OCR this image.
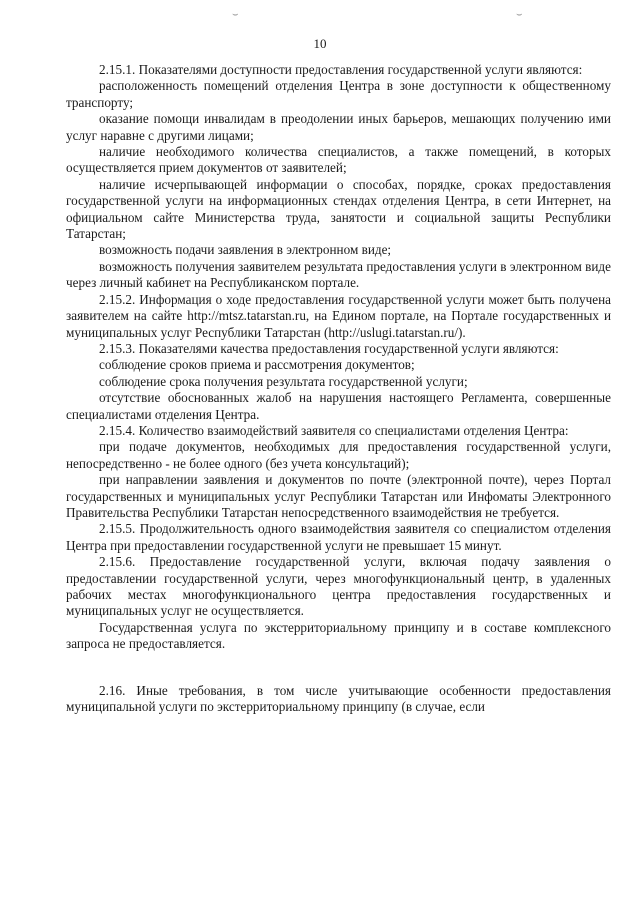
⌣	⌣
10

2.15.1. Показателями доступности предоставления государственной услуги являются:

расположенность помещений отделения Центра в зоне доступности к общественному транспорту;

оказание помощи инвалидам в преодолении иных барьеров, мешающих получению ими услуг наравне с другими лицами;

наличие необходимого количества специалистов, а также помещений, в которых осуществляется прием документов от заявителей;

наличие исчерпывающей информации о способах, порядке, сроках предоставления государственной услуги на информационных стендах отделения Центра, в сети Интернет, на официальном сайте Министерства труда, занятости и социальной защиты Республики Татарстан;

возможность подачи заявления в электронном виде;

возможность получения заявителем результата предоставления услуги в электронном виде через личный кабинет на Республиканском портале.

2.15.2. Информация о ходе предоставления государственной услуги может быть получена заявителем на сайте http://mtsz.tatarstan.ru, на Едином портале, на Портале государственных и муниципальных услуг Республики Татарстан (http://uslugi.tatarstan.ru/).

2.15.3. Показателями качества предоставления государственной услуги являются:

соблюдение сроков приема и рассмотрения документов;

соблюдение срока получения результата государственной услуги;

отсутствие обоснованных жалоб на нарушения настоящего Регламента, совершенные специалистами отделения Центра.

2.15.4. Количество взаимодействий заявителя со специалистами отделения Центра:

при подаче документов, необходимых для предоставления государственной услуги, непосредственно - не более одного (без учета консультаций);

при направлении заявления и документов по почте (электронной почте), через Портал государственных и муниципальных услуг Республики Татарстан или Инфоматы Электронного Правительства Республики Татарстан непосредственного взаимодействия не требуется.

2.15.5. Продолжительность одного взаимодействия заявителя со специалистом отделения Центра при предоставлении государственной услуги не превышает 15 минут.

2.15.6. Предоставление государственной услуги, включая подачу заявления о предоставлении государственной услуги, через многофункциональный центр, в удаленных рабочих местах многофункционального центра предоставления государственных и муниципальных услуг не осуществляется.

Государственная услуга по экстерриториальному принципу и в составе комплексного запроса не предоставляется.

2.16. Иные требования, в том числе учитывающие особенности предоставления муниципальной услуги по экстерриториальному принципу (в случае, если
